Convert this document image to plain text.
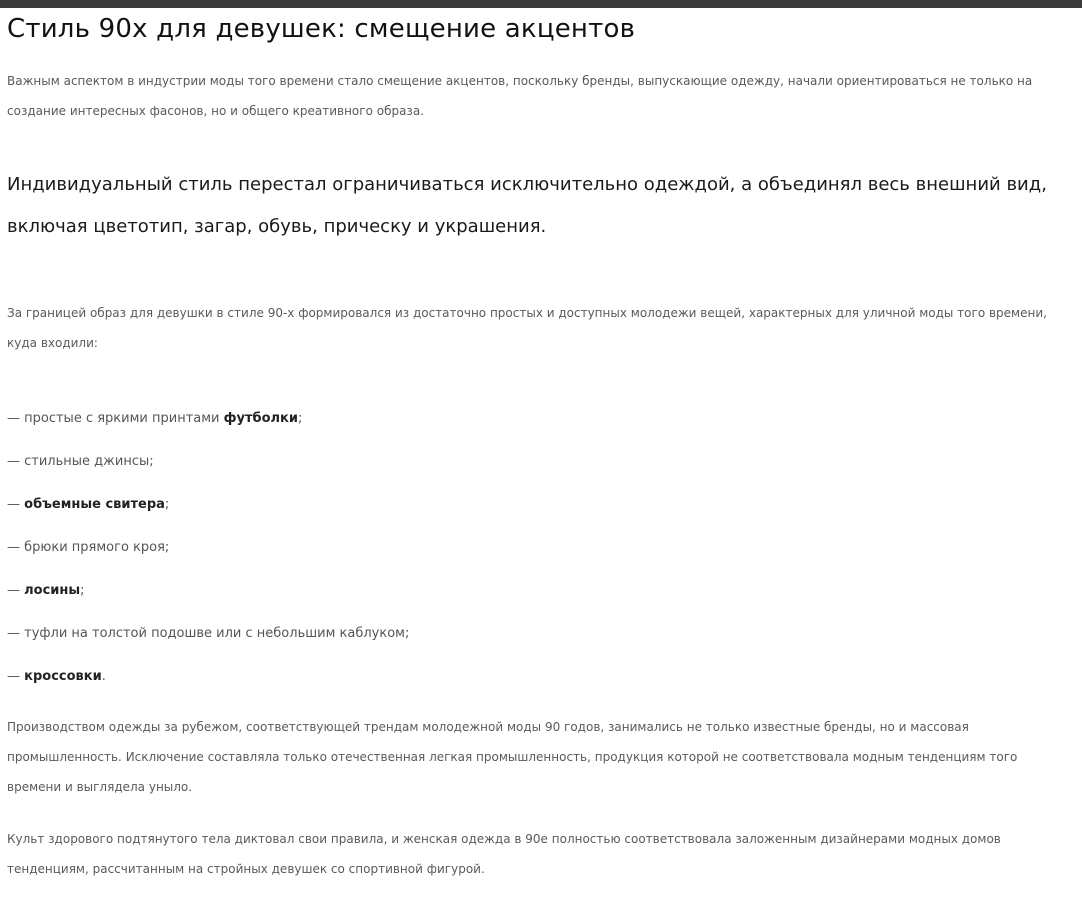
Стиль 90х для девушек: смещение акцентов

Важным аспектом в индустрии моды того времени стало смещение акцентов, поскольку бренды, выпускающие одежду, начали ориентироваться не только на создание интересных фасонов, но и общего креативного образа.

Индивидуальный стиль перестал ограничиваться исключительно одеждой, а объединял весь внешний вид, включая цветотип, загар, обувь, прическу и украшения.

За границей образ для девушки в стиле 90-х формировался из достаточно простых и доступных молодежи вещей, характерных для уличной моды того времени, куда входили:

— простые с яркими принтами футболки;
— стильные джинсы;
— объемные свитера;
— брюки прямого кроя;
— лосины;
— туфли на толстой подошве или с небольшим каблуком;
— кроссовки.

Производством одежды за рубежом, соответствующей трендам молодежной моды 90 годов, занимались не только известные бренды, но и массовая промышленность. Исключение составляла только отечественная легкая промышленность, продукция которой не соответствовала модным тенденциям того времени и выглядела уныло.

Культ здорового подтянутого тела диктовал свои правила, и женская одежда в 90е полностью соответствовала заложенным дизайнерами модных домов тенденциям, рассчитанным на стройных девушек со спортивной фигурой.
